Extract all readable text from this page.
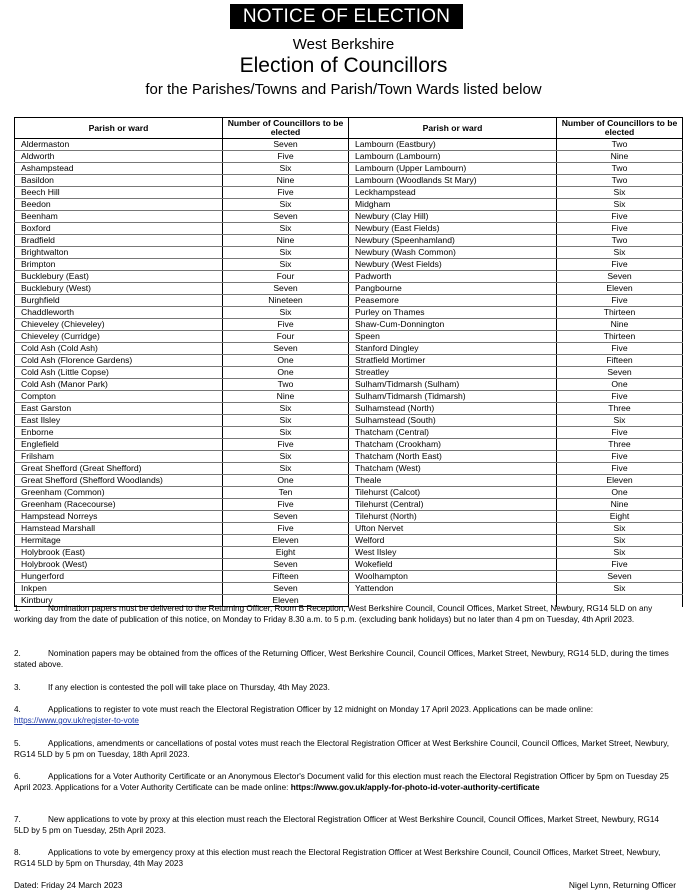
NOTICE OF ELECTION
West Berkshire
Election of Councillors
for the Parishes/Towns and Parish/Town Wards listed below
Parish or ward	Number of Councillors to be elected	Parish or ward	Number of Councillors to be elected
Aldermaston	Seven	Lambourn (Eastbury)	Two
Aldworth	Five	Lambourn (Lambourn)	Nine
Ashampstead	Six	Lambourn (Upper Lambourn)	Two
Basildon	Nine	Lambourn (Woodlands St Mary)	Two
Beech Hill	Five	Leckhampstead	Six
Beedon	Six	Midgham	Six
Beenham	Seven	Newbury (Clay Hill)	Five
Boxford	Six	Newbury (East Fields)	Five
Bradfield	Nine	Newbury (Speenhamland)	Two
Brightwalton	Six	Newbury (Wash Common)	Six
Brimpton	Six	Newbury (West Fields)	Five
Bucklebury (East)	Four	Padworth	Seven
Bucklebury (West)	Seven	Pangbourne	Eleven
Burghfield	Nineteen	Peasemore	Five
Chaddleworth	Six	Purley on Thames	Thirteen
Chieveley (Chieveley)	Five	Shaw-Cum-Donnington	Nine
Chieveley (Curridge)	Four	Speen	Thirteen
Cold Ash (Cold Ash)	Seven	Stanford Dingley	Five
Cold Ash (Florence Gardens)	One	Stratfield Mortimer	Fifteen
Cold Ash (Little Copse)	One	Streatley	Seven
Cold Ash (Manor Park)	Two	Sulham/Tidmarsh (Sulham)	One
Compton	Nine	Sulham/Tidmarsh (Tidmarsh)	Five
East Garston	Six	Sulhamstead (North)	Three
East Ilsley	Six	Sulhamstead (South)	Six
Enborne	Six	Thatcham (Central)	Five
Englefield	Five	Thatcham (Crookham)	Three
Frilsham	Six	Thatcham (North East)	Five
Great Shefford (Great Shefford)	Six	Thatcham (West)	Five
Great Shefford (Shefford Woodlands)	One	Theale	Eleven
Greenham (Common)	Ten	Tilehurst (Calcot)	One
Greenham (Racecourse)	Five	Tilehurst (Central)	Nine
Hampstead Norreys	Seven	Tilehurst (North)	Eight
Hamstead Marshall	Five	Ufton Nervet	Six
Hermitage	Eleven	Welford	Six
Holybrook (East)	Eight	West Ilsley	Six
Holybrook (West)	Seven	Wokefield	Five
Hungerford	Fifteen	Woolhampton	Seven
Inkpen	Seven	Yattendon	Six
Kintbury	Eleven		
1.	Nomination papers must be delivered to the Returning Officer, Room B Reception, West Berkshire Council, Council Offices, Market Street, Newbury, RG14 5LD on any working day from the date of publication of this notice, on Monday to Friday 8.30 a.m. to 5 p.m. (excluding bank holidays) but no later than 4 pm on Tuesday, 4th April 2023.
2.	Nomination papers may be obtained from the offices of the Returning Officer, West Berkshire Council, Council Offices, Market Street, Newbury, RG14 5LD, during the times stated above.
3.	If any election is contested the poll will take place on Thursday, 4th May 2023.
4.	Applications to register to vote must reach the Electoral Registration Officer by 12 midnight on Monday 17 April 2023. Applications can be made online: https://www.gov.uk/register-to-vote
5.	Applications, amendments or cancellations of postal votes must reach the Electoral Registration Officer at West Berkshire Council, Council Offices, Market Street, Newbury, RG14 5LD by 5 pm on Tuesday, 18th April 2023.
6.	Applications for a Voter Authority Certificate or an Anonymous Elector's Document valid for this election must reach the Electoral Registration Officer by 5pm on Tuesday 25 April 2023. Applications for a Voter Authority Certificate can be made online: https://www.gov.uk/apply-for-photo-id-voter-authority-certificate
7.	New applications to vote by proxy at this election must reach the Electoral Registration Officer at West Berkshire Council, Council Offices, Market Street, Newbury, RG14 5LD by 5 pm on Tuesday, 25th April 2023.
8.	Applications to vote by emergency proxy at this election must reach the Electoral Registration Officer at West Berkshire Council, Council Offices, Market Street, Newbury, RG14 5LD by 5pm on Thursday, 4th May 2023
Dated: Friday 24 March 2023	Nigel Lynn, Returning Officer
